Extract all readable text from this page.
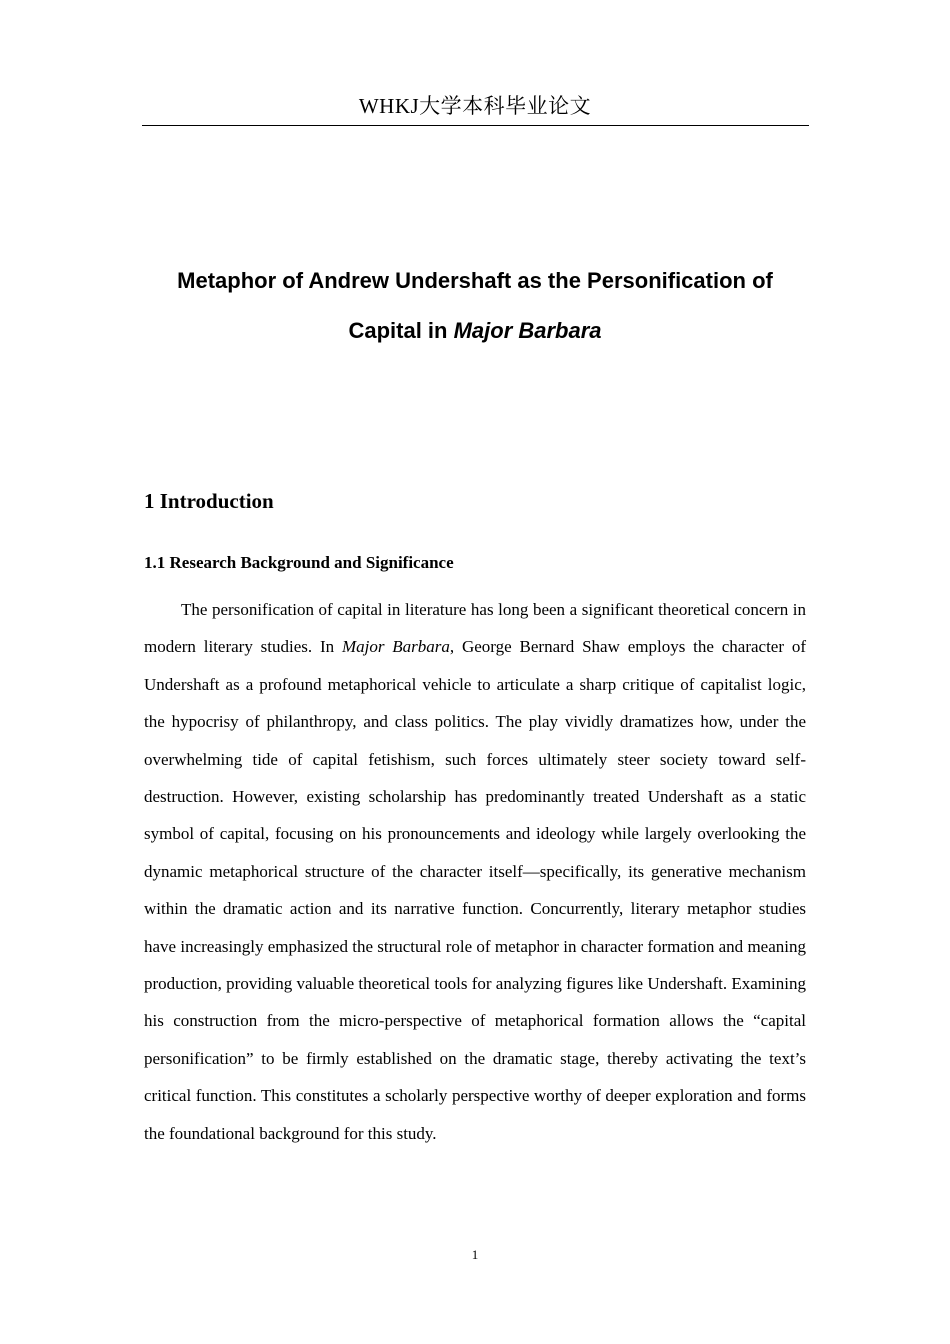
WHKJ大学本科毕业论文
Metaphor of Andrew Undershaft as the Personification of
Capital in Major Barbara
1 Introduction
1.1 Research Background and Significance

The personification of capital in literature has long been a significant theoretical concern in modern literary studies. In Major Barbara, George Bernard Shaw employs the character of Undershaft as a profound metaphorical vehicle to articulate a sharp critique of capitalist logic, the hypocrisy of philanthropy, and class politics. The play vividly dramatizes how, under the overwhelming tide of capital fetishism, such forces ultimately steer society toward self-destruction. However, existing scholarship has predominantly treated Undershaft as a static symbol of capital, focusing on his pronouncements and ideology while largely overlooking the dynamic metaphorical structure of the character itself—specifically, its generative mechanism within the dramatic action and its narrative function. Concurrently, literary metaphor studies have increasingly emphasized the structural role of metaphor in character formation and meaning production, providing valuable theoretical tools for analyzing figures like Undershaft. Examining his construction from the micro-perspective of metaphorical formation allows the “capital personification” to be firmly established on the dramatic stage, thereby activating the text’s critical function. This constitutes a scholarly perspective worthy of deeper exploration and forms the foundational background for this study.

1
